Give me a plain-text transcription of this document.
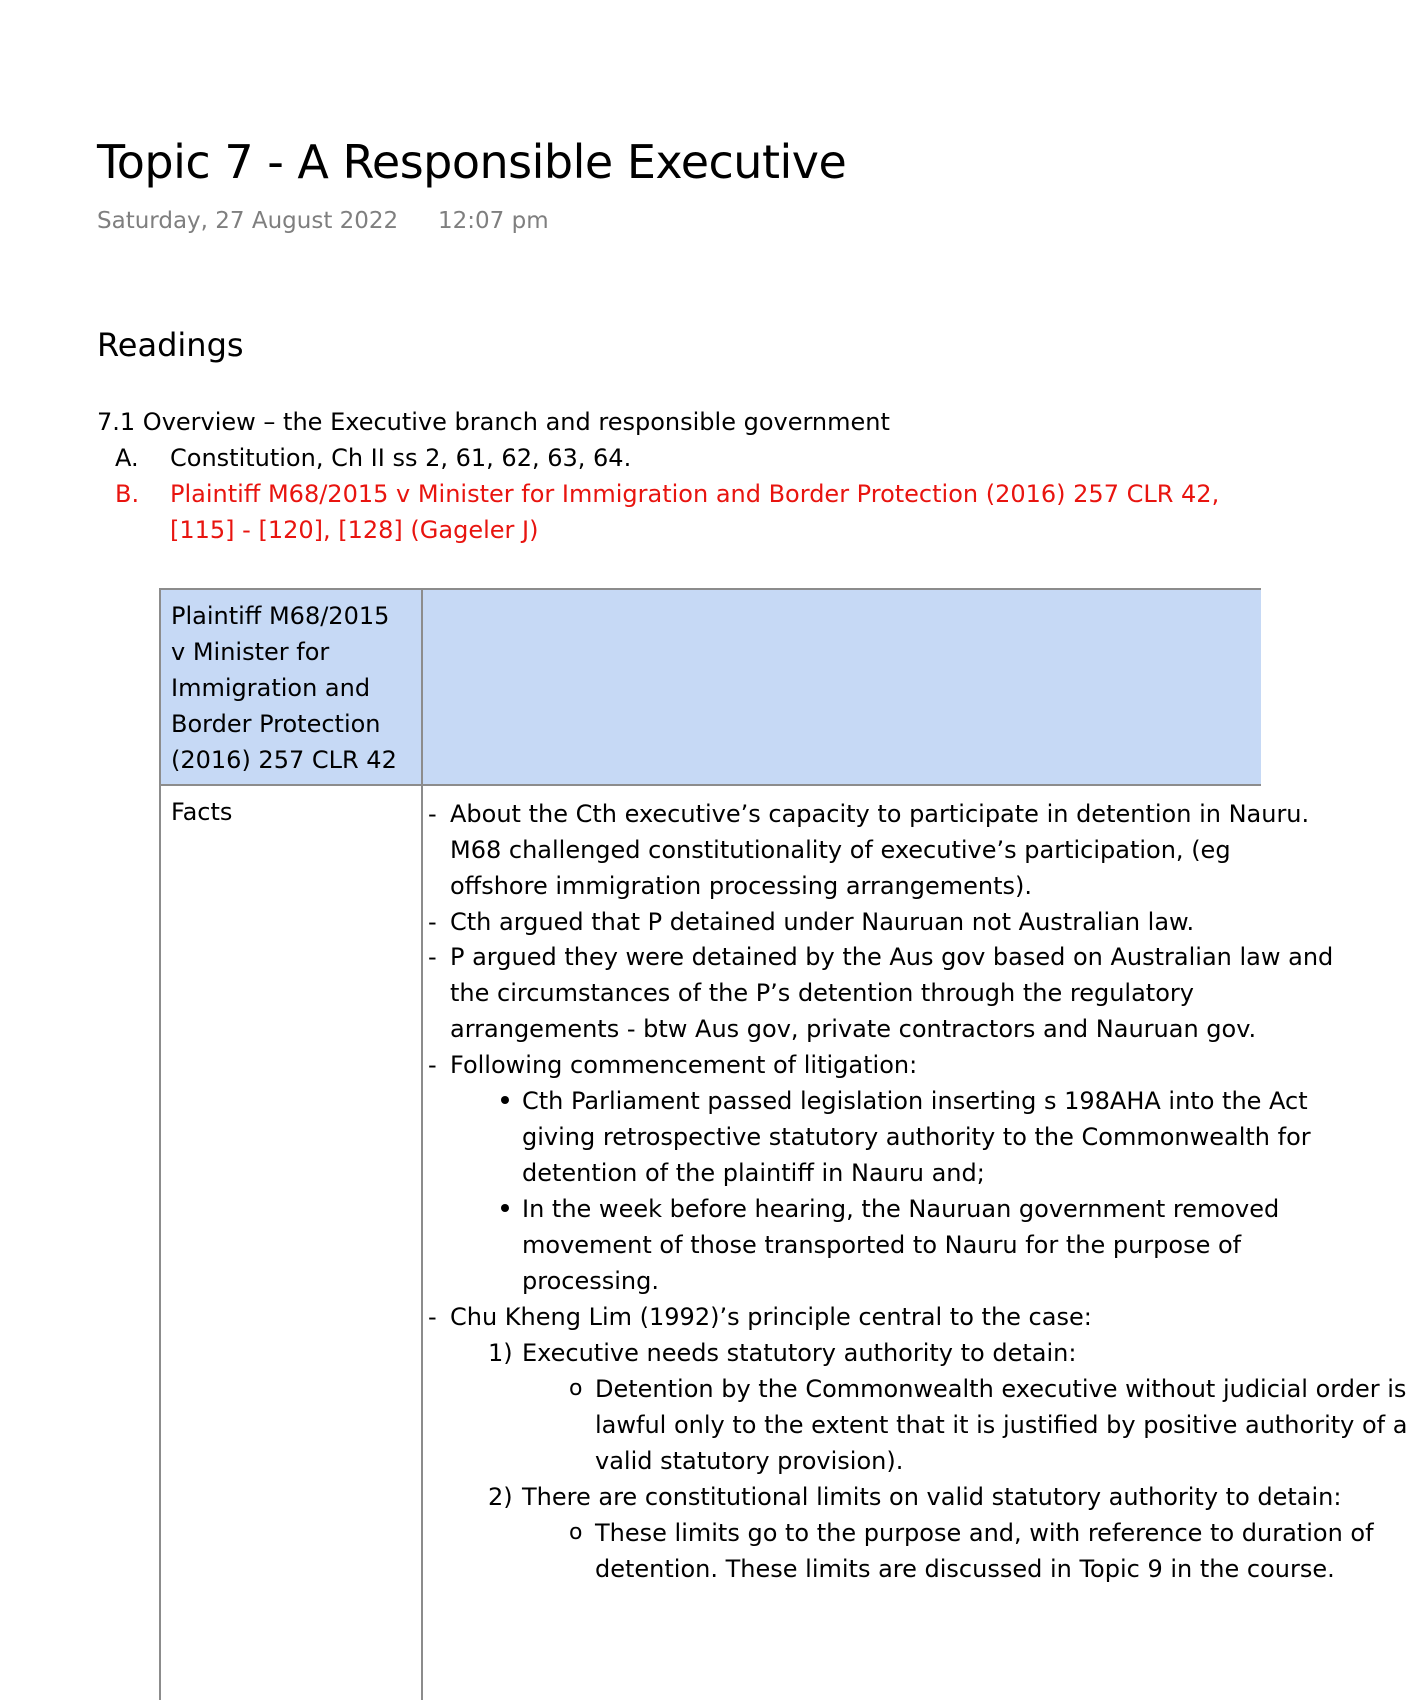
Topic 7 - A Responsible Executive
Saturday, 27 August 2022 12:07 pm
Readings
7.1 Overview – the Executive branch and responsible government
A. Constitution, Ch II ss 2, 61, 62, 63, 64.
B. Plaintiff M68/2015 v Minister for Immigration and Border Protection (2016) 257 CLR 42,
[115] - [120], [128] (Gageler J)
Plaintiff M68/2015
v Minister for
Immigration and
Border Protection
(2016) 257 CLR 42
Facts	- About the Cth executive’s capacity to participate in detention in Nauru.
M68 challenged constitutionality of executive’s participation, (eg
offshore immigration processing arrangements).
- Cth argued that P detained under Nauruan not Australian law.
- P argued they were detained by the Aus gov based on Australian law and
the circumstances of the P’s detention through the regulatory
arrangements - btw Aus gov, private contractors and Nauruan gov.
- Following commencement of litigation:
Cth Parliament passed legislation inserting s 198AHA into the Act
giving retrospective statutory authority to the Commonwealth for
detention of the plaintiff in Nauru and;
In the week before hearing, the Nauruan government removed
movement of those transported to Nauru for the purpose of
processing.
- Chu Kheng Lim (1992)’s principle central to the case:
1) Executive needs statutory authority to detain:
o Detention by the Commonwealth executive without judicial order is
lawful only to the extent that it is justified by positive authority of a
valid statutory provision).
2) There are constitutional limits on valid statutory authority to detain:
o These limits go to the purpose and, with reference to duration of
detention. These limits are discussed in Topic 9 in the course.
